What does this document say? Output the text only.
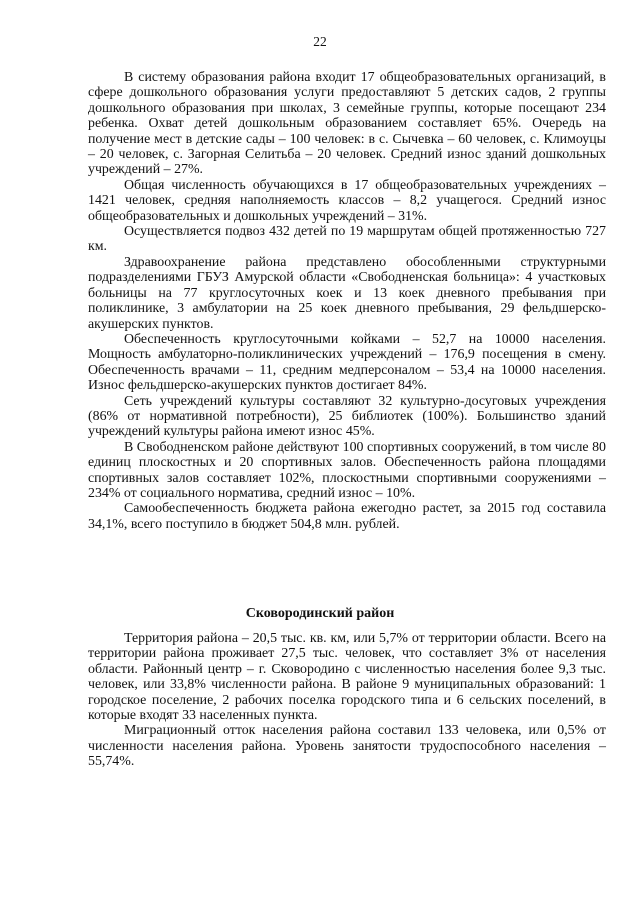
22

В систему образования района входит 17 общеобразовательных организаций, в сфере дошкольного образования услуги предоставляют 5 детских садов, 2 группы дошкольного образования при школах, 3 семейные группы, которые посещают 234 ребенка. Охват детей дошкольным образованием составляет 65%. Очередь на получение мест в детские сады – 100 человек: в с. Сычевка – 60 человек, с. Климоуцы – 20 человек, с. Загорная Селитьба – 20 человек. Средний износ зданий дошкольных учреждений – 27%.

Общая численность обучающихся в 17 общеобразовательных учреждениях – 1421 человек, средняя наполняемость классов – 8,2 учащегося. Средний износ общеобразовательных и дошкольных учреждений – 31%.

Осуществляется подвоз 432 детей по 19 маршрутам общей протяженностью 727 км.

Здравоохранение района представлено обособленными структурными подразделениями ГБУЗ Амурской области «Свободненская больница»: 4 участковых больницы на 77 круглосуточных коек и 13 коек дневного пребывания при поликлинике, 3 амбулатории на 25 коек дневного пребывания, 29 фельдшерско-акушерских пунктов.

Обеспеченность круглосуточными койками – 52,7 на 10000 населения. Мощность амбулаторно-поликлинических учреждений – 176,9 посещения в смену. Обеспеченность врачами – 11, средним медперсоналом – 53,4 на 10000 населения. Износ фельдшерско-акушерских пунктов достигает 84%.

Сеть учреждений культуры составляют 32 культурно-досуговых учреждения (86% от нормативной потребности), 25 библиотек (100%). Большинство зданий учреждений культуры района имеют износ 45%.

В Свободненском районе действуют 100 спортивных сооружений, в том числе 80 единиц плоскостных и 20 спортивных залов. Обеспеченность района площадями спортивных залов составляет 102%, плоскостными спортивными сооружениями – 234% от социального норматива, средний износ – 10%.

Самообеспеченность бюджета района ежегодно растет, за 2015 год составила 34,1%, всего поступило в бюджет 504,8 млн. рублей.

Сковородинский район

Территория района – 20,5 тыс. кв. км, или 5,7% от территории области. Всего на территории района проживает 27,5 тыс. человек, что составляет 3% от населения области. Районный центр – г. Сковородино с численностью населения более 9,3 тыс. человек, или 33,8% численности района. В районе 9 муниципальных образований: 1 городское поселение, 2 рабочих поселка городского типа и 6 сельских поселений, в которые входят 33 населенных пункта.

Миграционный отток населения района составил 133 человека, или 0,5% от численности населения района. Уровень занятости трудоспособного населения – 55,74%.
